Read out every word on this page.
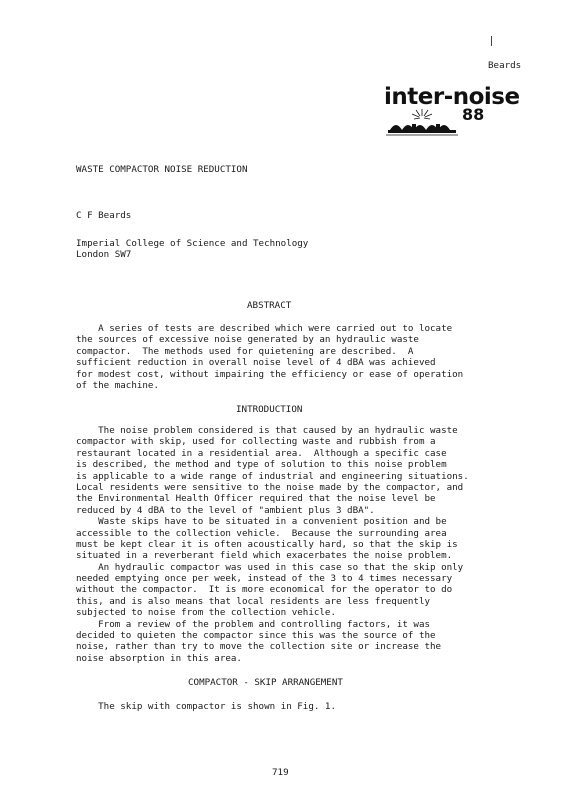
Beards
inter-noise
88
WASTE COMPACTOR NOISE REDUCTION
C F Beards
Imperial College of Science and Technology
London SW7
ABSTRACT
A series of tests are described which were carried out to locate
the sources of excessive noise generated by an hydraulic waste
compactor.  The methods used for quietening are described.  A
sufficient reduction in overall noise level of 4 dBA was achieved
for modest cost, without impairing the efficiency or ease of operation
of the machine.
INTRODUCTION
The noise problem considered is that caused by an hydraulic waste
compactor with skip, used for collecting waste and rubbish from a
restaurant located in a residential area.  Although a specific case
is described, the method and type of solution to this noise problem
is applicable to a wide range of industrial and engineering situations.
Local residents were sensitive to the noise made by the compactor, and
the Environmental Health Officer required that the noise level be
reduced by 4 dBA to the level of "ambient plus 3 dBA".
Waste skips have to be situated in a convenient position and be
accessible to the collection vehicle.  Because the surrounding area
must be kept clear it is often acoustically hard, so that the skip is
situated in a reverberant field which exacerbates the noise problem.
An hydraulic compactor was used in this case so that the skip only
needed emptying once per week, instead of the 3 to 4 times necessary
without the compactor.  It is more economical for the operator to do
this, and is also means that local residents are less frequently
subjected to noise from the collection vehicle.
From a review of the problem and controlling factors, it was
decided to quieten the compactor since this was the source of the
noise, rather than try to move the collection site or increase the
noise absorption in this area.
COMPACTOR - SKIP ARRANGEMENT
The skip with compactor is shown in Fig. 1.
719
